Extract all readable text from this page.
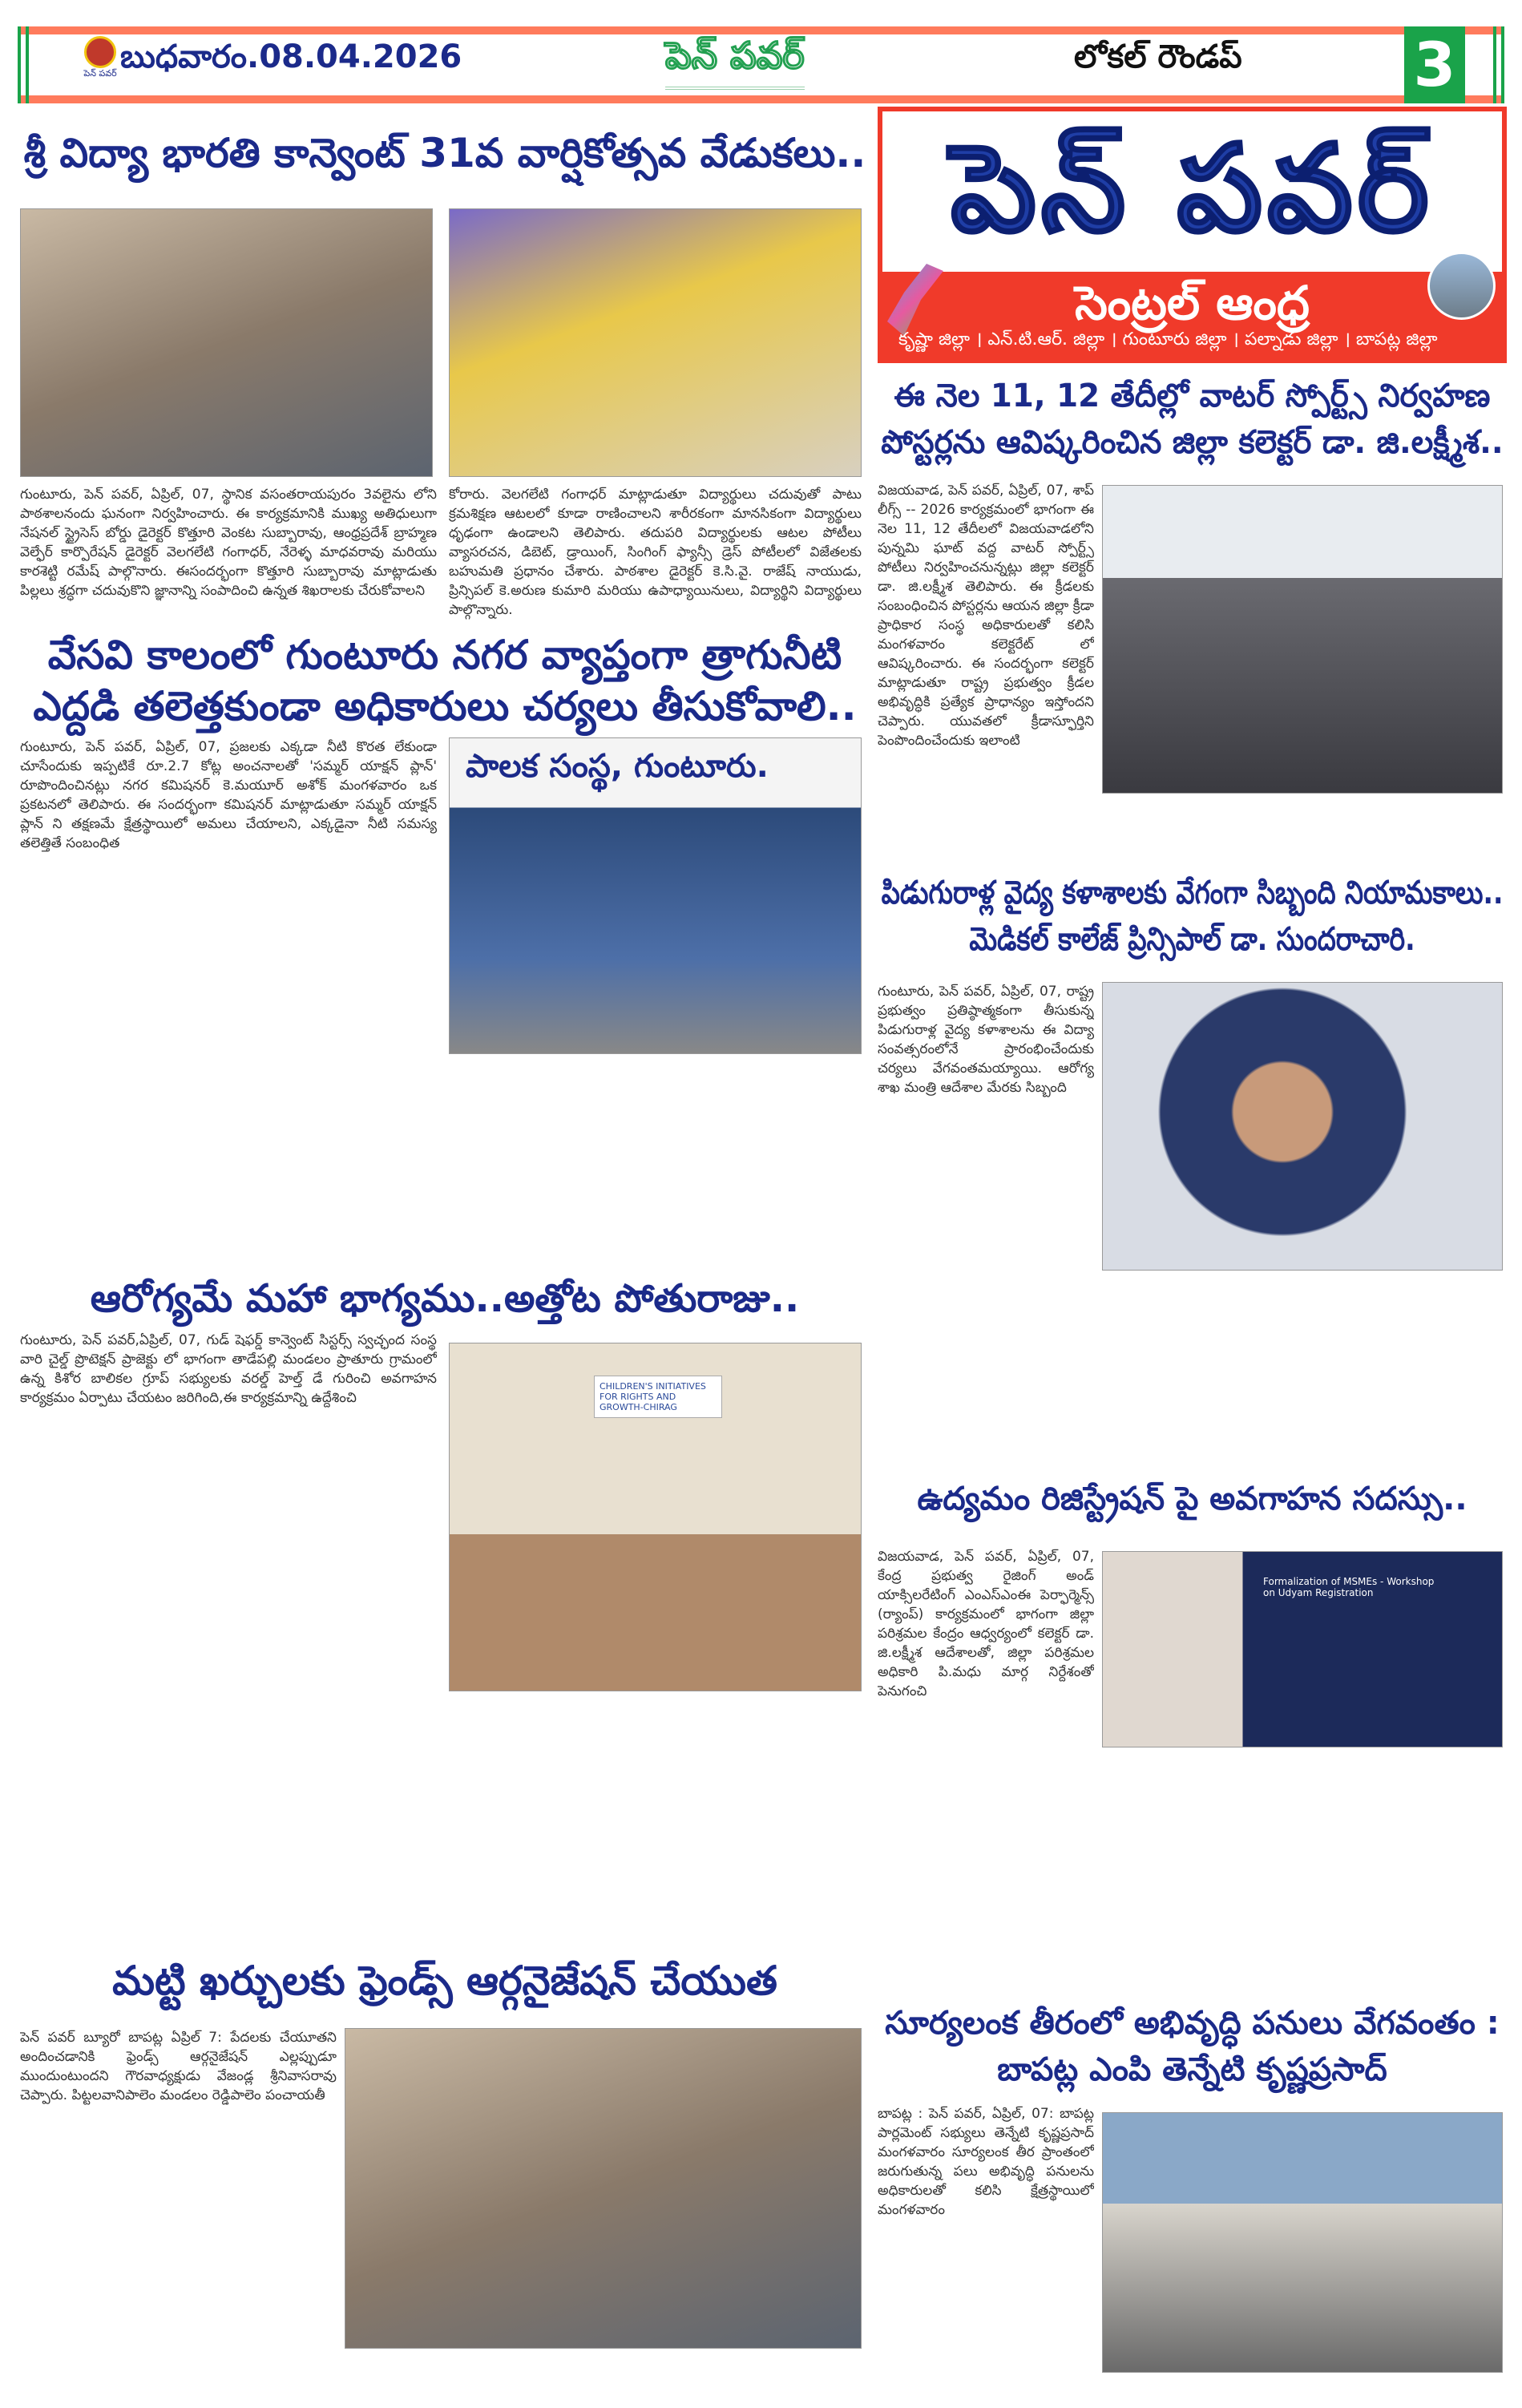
పెన్ పవర్ బుధవారం.08.04.2026	పెన్ పవర్	లోకల్ రౌండప్	3
పెన్ పవర్
సెంట్రల్ ఆంధ్ర
కృష్ణా జిల్లా । ఎన్.టి.ఆర్. జిల్లా । గుంటూరు జిల్లా । పల్నాడు జిల్లా । బాపట్ల జిల్లా
శ్రీ విద్యా భారతి కాన్వెంట్ 31వ వార్షికోత్సవ వేడుకలు..
గుంటూరు, పెన్ పవర్, ఏప్రిల్, 07, స్థానిక వసంతరాయపురం 3వలైను లోని పాఠశాలనందు ఘనంగా నిర్వహించారు. ఈ కార్యక్రమానికి ముఖ్య అతిధులుగా నేషనల్ స్ట్రైసెస్ బోర్డు డైరెక్టర్ కొత్తూరి వెంకట సుబ్బారావు, ఆంధ్రప్రదేశ్ బ్రాహ్మణ వెల్ఫేర్ కార్పొరేషన్ డైరెక్టర్ వెలగలేటి గంగాధర్, నేరెళ్ళ మాధవరావు మరియు కారశెట్టి రమేష్ పాల్గొనారు. ఈసందర్భంగా కొత్తూరి సుబ్బారావు మాట్లాడుతు పిల్లలు శ్రద్ధగా చదువుకొని జ్ఞానాన్ని సంపాదించి ఉన్నత శిఖరాలకు చేరుకోవాలని
కోరారు. వెలగలేటి గంగాధర్ మాట్లాడుతూ విద్యార్థులు చదువుతో పాటు క్రమశిక్షణ ఆటలలో కూడా రాణించాలని శారీరకంగా మానసికంగా విద్యార్థులు ధృఢంగా ఉండాలని తెలిపారు. తదుపరి విద్యార్థులకు ఆటల పోటీలు వ్యాసరచన, డిబెట్, డ్రాయింగ్, సింగింగ్ ఫ్యాన్సీ డ్రెస్ పోటీలలో విజేతలకు బహుమతి ప్రధానం చేశారు. పాఠశాల డైరెక్టర్ కె.సి.వై. రాజేష్ నాయుడు, ప్రిన్సిపల్ కె.అరుణ కుమారి మరియు ఉపాధ్యాయినులు, విద్యార్థిని విద్యార్థులు పాల్గొన్నారు.
వేసవి కాలంలో గుంటూరు నగర వ్యాప్తంగా త్రాగునీటి ఎద్దడి తలెత్తకుండా అధికారులు చర్యలు తీసుకోవాలి..
గుంటూరు, పెన్ పవర్, ఏప్రిల్, 07, ప్రజలకు ఎక్కడా నీటి కొరత లేకుండా చూసేందుకు ఇప్పటికే రూ.2.7 కోట్ల అంచనాలతో 'సమ్మర్ యాక్షన్ ప్లాన్' రూపొందించినట్లు నగర కమిషనర్ కె.మయూర్ అశోక్ మంగళవారం ఒక ప్రకటనలో తెలిపారు. ఈ సందర్భంగా కమిషనర్ మాట్లాడుతూ సమ్మర్ యాక్షన్ ప్లాన్ ని తక్షణమే క్షేత్రస్థాయిలో అమలు చేయాలని, ఎక్కడైనా నీటి సమస్య తలెత్తితే సంబంధిత
పాలక సంస్థ, గుంటూరు.
ఆరోగ్యమే మహా భాగ్యము..అత్తోట పోతురాజు..
గుంటూరు, పెన్ పవర్,ఏప్రిల్, 07, గుడ్ షెఫర్డ్ కాన్వెంట్ సిస్టర్స్ స్వచ్ఛంద సంస్థ వారి చైల్డ్ ప్రొటెక్షన్ ప్రాజెక్టు లో భాగంగా తాడేపల్లి మండలం ప్రాతూరు గ్రామంలో ఉన్న కిశోర బాలికల గ్రూప్ సభ్యులకు వరల్డ్ హెల్త్ డే గురించి అవగాహన కార్యక్రమం ఏర్పాటు చేయటం జరిగింది,ఈ కార్యక్రమాన్ని ఉద్దేశించి
CHILDREN'S INITIATIVES FOR RIGHTS AND GROWTH-CHIRAG
మట్టి ఖర్చులకు ఫ్రెండ్స్ ఆర్గనైజేషన్ చేయుత
పెన్ పవర్ బ్యూరో బాపట్ల ఏప్రిల్ 7: పేదలకు చేయూతని అందించడానికి ఫ్రెండ్స్ ఆర్గనైజేషన్ ఎల్లప్పుడూ ముందుంటుందని గౌరవాధ్యక్షుడు వేజండ్ల శ్రీనివాసరావు చెప్పారు. పిట్టలవానిపాలెం మండలం రెడ్డిపాలెం పంచాయతీ
ఈ నెల 11, 12 తేదీల్లో వాటర్ స్పోర్ట్స్ నిర్వహణ పోస్టర్లను ఆవిష్కరించిన జిల్లా కలెక్టర్ డా. జి.లక్ష్మీశ..
విజయవాడ, పెన్ పవర్, ఏప్రిల్, 07, శాప్ లీగ్స్ -- 2026 కార్యక్రమంలో భాగంగా ఈ నెల 11, 12 తేదీలలో విజయవాడలోని పున్నమి ఘాట్ వద్ద వాటర్ స్పోర్ట్స్ పోటీలు నిర్వహించనున్నట్లు జిల్లా కలెక్టర్ డా. జి.లక్ష్మీశ తెలిపారు. ఈ క్రీడలకు సంబంధించిన పోస్టర్లను ఆయన జిల్లా క్రీడా ప్రాధికార సంస్థ అధికారులతో కలిసి మంగళవారం కలెక్టరేట్ లో ఆవిష్కరించారు. ఈ సందర్భంగా కలెక్టర్ మాట్లాడుతూ రాష్ట్ర ప్రభుత్వం క్రీడల అభివృద్ధికి ప్రత్యేక ప్రాధాన్యం ఇస్తోందని చెప్పారు. యువతలో క్రీడాస్ఫూర్తిని పెంపొందించేందుకు ఇలాంటి
పిడుగురాళ్ల వైద్య కళాశాలకు వేగంగా సిబ్బంది నియామకాలు.. మెడికల్ కాలేజ్ ప్రిన్సిపాల్ డా. సుందరాచారి.
గుంటూరు, పెన్ పవర్, ఏప్రిల్, 07, రాష్ట్ర ప్రభుత్వం ప్రతిష్ఠాత్మకంగా తీసుకున్న పిడుగురాళ్ల వైద్య కళాశాలను ఈ విద్యా సంవత్సరంలోనే ప్రారంభించేందుకు చర్యలు వేగవంతమయ్యాయి. ఆరోగ్య శాఖ మంత్రి ఆదేశాల మేరకు సిబ్బంది
ఉద్యమం రిజిస్ట్రేషన్ పై అవగాహన సదస్సు..
విజయవాడ, పెన్ పవర్, ఏప్రిల్, 07, కేంద్ర ప్రభుత్వ రైజింగ్ అండ్ యాక్సిలరేటింగ్ ఎంఎస్ఎంఈ పెర్ఫార్మెన్స్ (ర్యాంప్) కార్యక్రమంలో భాగంగా జిల్లా పరిశ్రమల కేంద్రం ఆధ్వర్యంలో కలెక్టర్ డా. జి.లక్ష్మీశ ఆదేశాలతో, జిల్లా పరిశ్రమల అధికారి పి.మధు మార్గ నిర్దేశంతో పెనుగంచి
Formalization of MSMEs - Workshop on Udyam Registration
సూర్యలంక తీరంలో అభివృద్ధి పనులు వేగవంతం : బాపట్ల ఎంపి తెన్నేటి కృష్ణప్రసాద్
బాపట్ల : పెన్ పవర్, ఏప్రిల్, 07: బాపట్ల పార్లమెంట్ సభ్యులు తెన్నేటి కృష్ణప్రసాద్ మంగళవారం సూర్యలంక తీర ప్రాంతంలో జరుగుతున్న పలు అభివృద్ధి పనులను అధికారులతో కలిసి క్షేత్రస్థాయిలో మంగళవారం
